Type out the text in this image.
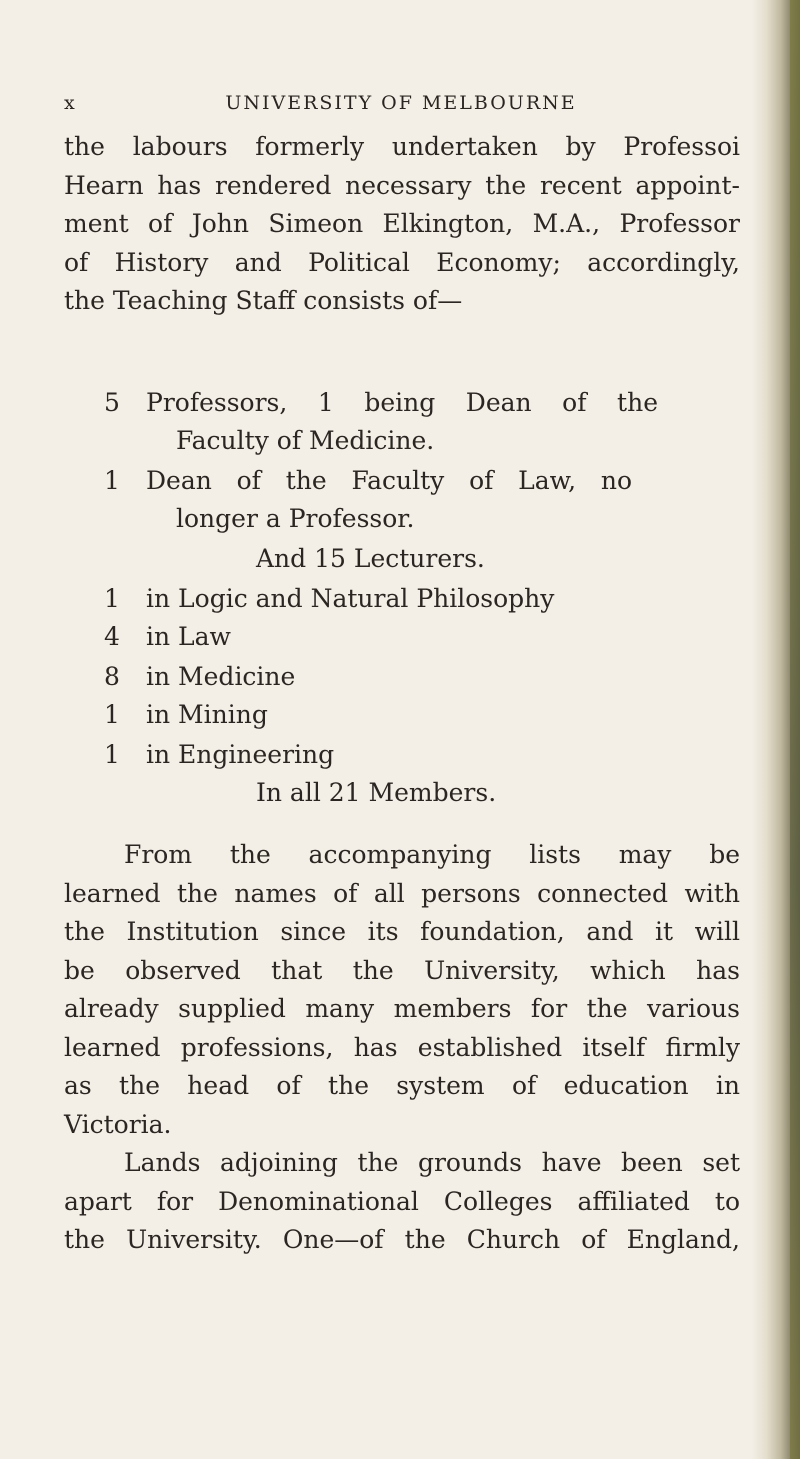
x	UNIVERSITY OF MELBOURNE
the labours formerly undertaken by Professoi
Hearn has rendered necessary the recent appoint-
ment of John Simeon Elkington, M.A., Professor
of History and Political Economy; accordingly,
the Teaching Staff consists of—
5 Professors, 1 being Dean of the
Faculty of Medicine.
1 Dean of the Faculty of Law, no
longer a Professor.
And 15 Lecturers.
1 in Logic and Natural Philosophy
4 in Law
8 in Medicine
1 in Mining
1 in Engineering
In all 21 Members.
From the accompanying lists may be
learned the names of all persons connected with
the Institution since its foundation, and it will
be observed that the University, which has
already supplied many members for the various
learned professions, has established itself firmly
as the head of the system of education in
Victoria.
Lands adjoining the grounds have been set
apart for Denominational Colleges affiliated to
the University. One—of the Church of England,
